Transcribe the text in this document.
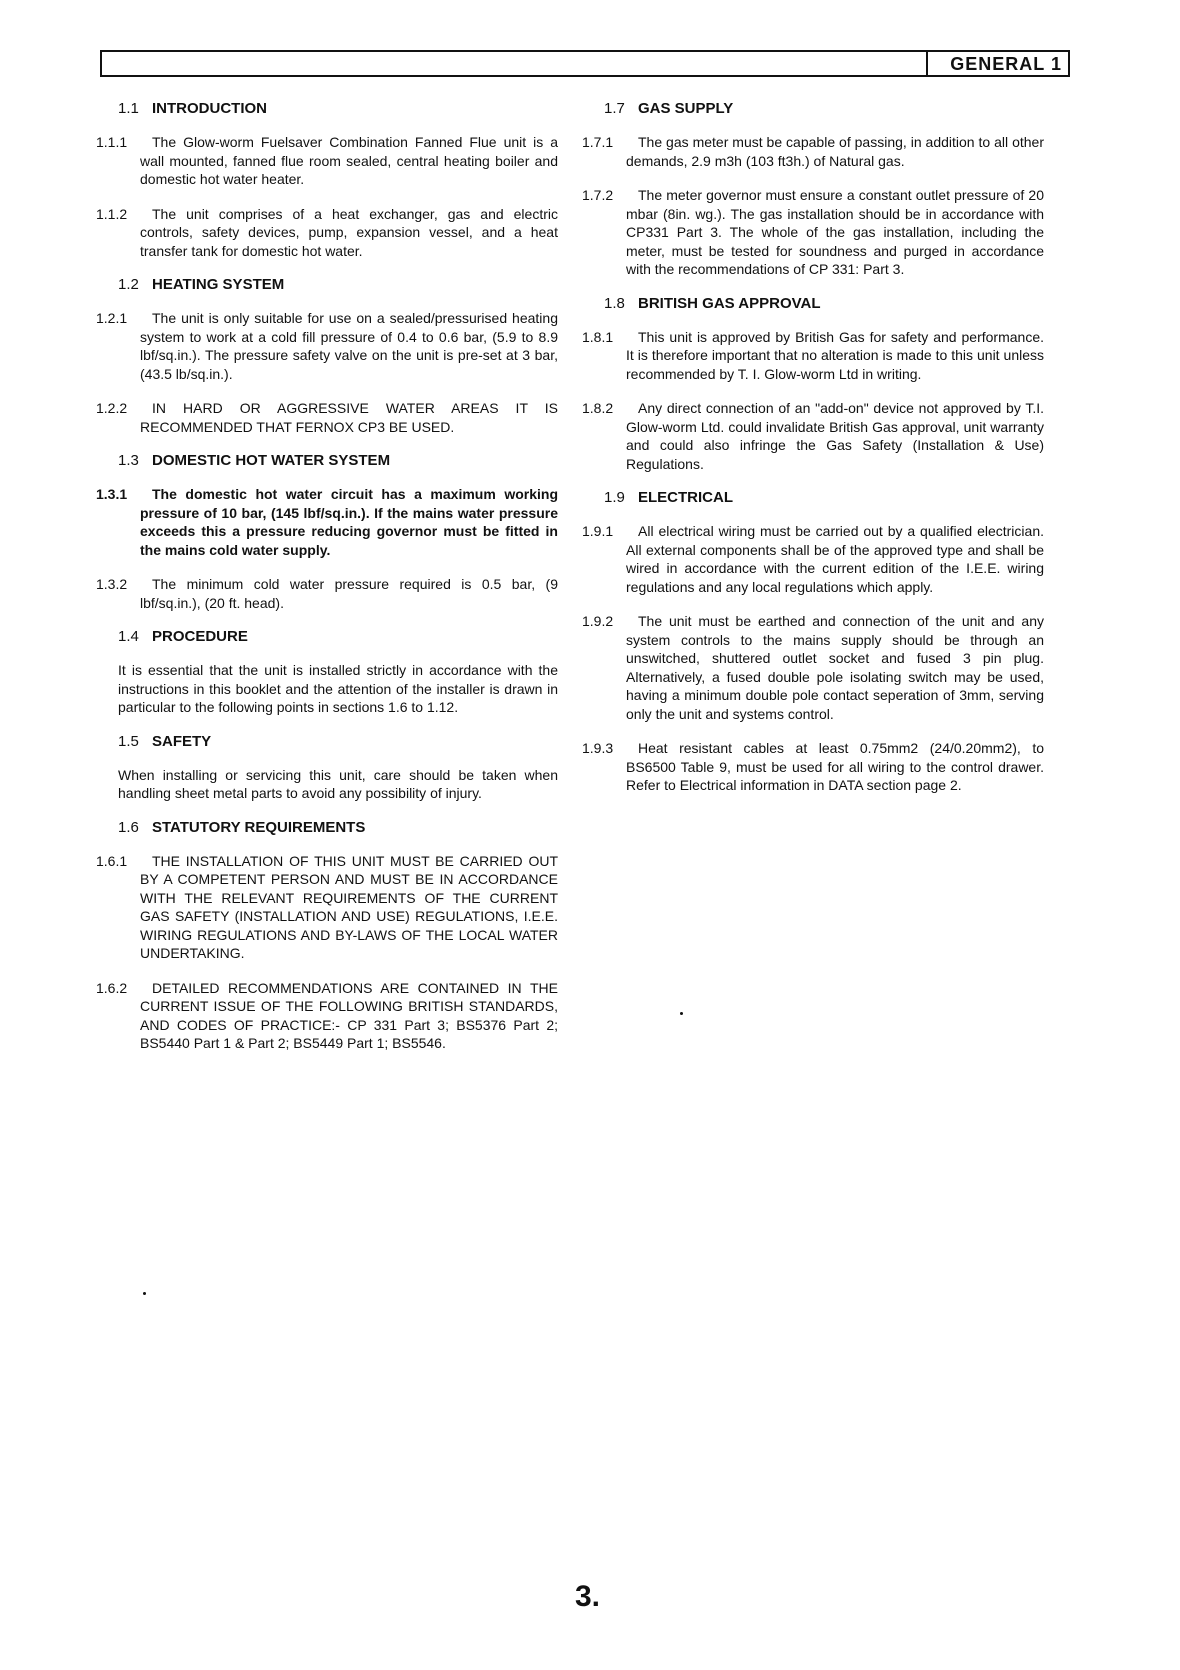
GENERAL 1
1.1 INTRODUCTION
1.1.1 The Glow-worm Fuelsaver Combination Fanned Flue unit is a wall mounted, fanned flue room sealed, central heating boiler and domestic hot water heater.
1.1.2 The unit comprises of a heat exchanger, gas and electric controls, safety devices, pump, expansion vessel, and a heat transfer tank for domestic hot water.
1.2 HEATING SYSTEM
1.2.1 The unit is only suitable for use on a sealed/pressurised heating system to work at a cold fill pressure of 0.4 to 0.6 bar, (5.9 to 8.9 lbf/sq.in.). The pressure safety valve on the unit is pre-set at 3 bar, (43.5 lb/sq.in.).
1.2.2 IN HARD OR AGGRESSIVE WATER AREAS IT IS RECOMMENDED THAT FERNOX CP3 BE USED.
1.3 DOMESTIC HOT WATER SYSTEM
1.3.1 The domestic hot water circuit has a maximum working pressure of 10 bar, (145 lbf/sq.in.). If the mains water pressure exceeds this a pressure reducing governor must be fitted in the mains cold water supply.
1.3.2 The minimum cold water pressure required is 0.5 bar, (9 lbf/sq.in.), (20 ft. head).
1.4 PROCEDURE
It is essential that the unit is installed strictly in accordance with the instructions in this booklet and the attention of the installer is drawn in particular to the following points in sections 1.6 to 1.12.
1.5 SAFETY
When installing or servicing this unit, care should be taken when handling sheet metal parts to avoid any possibility of injury.
1.6 STATUTORY REQUIREMENTS
1.6.1 THE INSTALLATION OF THIS UNIT MUST BE CARRIED OUT BY A COMPETENT PERSON AND MUST BE IN ACCORDANCE WITH THE RELEVANT REQUIREMENTS OF THE CURRENT GAS SAFETY (INSTALLATION AND USE) REGULATIONS, I.E.E. WIRING REGULATIONS AND BY-LAWS OF THE LOCAL WATER UNDERTAKING.
1.6.2 DETAILED RECOMMENDATIONS ARE CONTAINED IN THE CURRENT ISSUE OF THE FOLLOWING BRITISH STANDARDS, AND CODES OF PRACTICE:- CP 331 Part 3; BS5376 Part 2; BS5440 Part 1 & Part 2; BS5449 Part 1; BS5546.
1.7 GAS SUPPLY
1.7.1 The gas meter must be capable of passing, in addition to all other demands, 2.9 m3h (103 ft3h.) of Natural gas.
1.7.2 The meter governor must ensure a constant outlet pressure of 20 mbar (8in. wg.). The gas installation should be in accordance with CP331 Part 3. The whole of the gas installation, including the meter, must be tested for soundness and purged in accordance with the recommendations of CP 331: Part 3.
1.8 BRITISH GAS APPROVAL
1.8.1 This unit is approved by British Gas for safety and performance. It is therefore important that no alteration is made to this unit unless recommended by T. I. Glow-worm Ltd in writing.
1.8.2 Any direct connection of an "add-on" device not approved by T.I. Glow-worm Ltd. could invalidate British Gas approval, unit warranty and could also infringe the Gas Safety (Installation & Use) Regulations.
1.9 ELECTRICAL
1.9.1 All electrical wiring must be carried out by a qualified electrician. All external components shall be of the approved type and shall be wired in accordance with the current edition of the I.E.E. wiring regulations and any local regulations which apply.
1.9.2 The unit must be earthed and connection of the unit and any system controls to the mains supply should be through an unswitched, shuttered outlet socket and fused 3 pin plug. Alternatively, a fused double pole isolating switch may be used, having a minimum double pole contact seperation of 3mm, serving only the unit and systems control.
1.9.3 Heat resistant cables at least 0.75mm2 (24/0.20mm2), to BS6500 Table 9, must be used for all wiring to the control drawer. Refer to Electrical information in DATA section page 2.
3.
